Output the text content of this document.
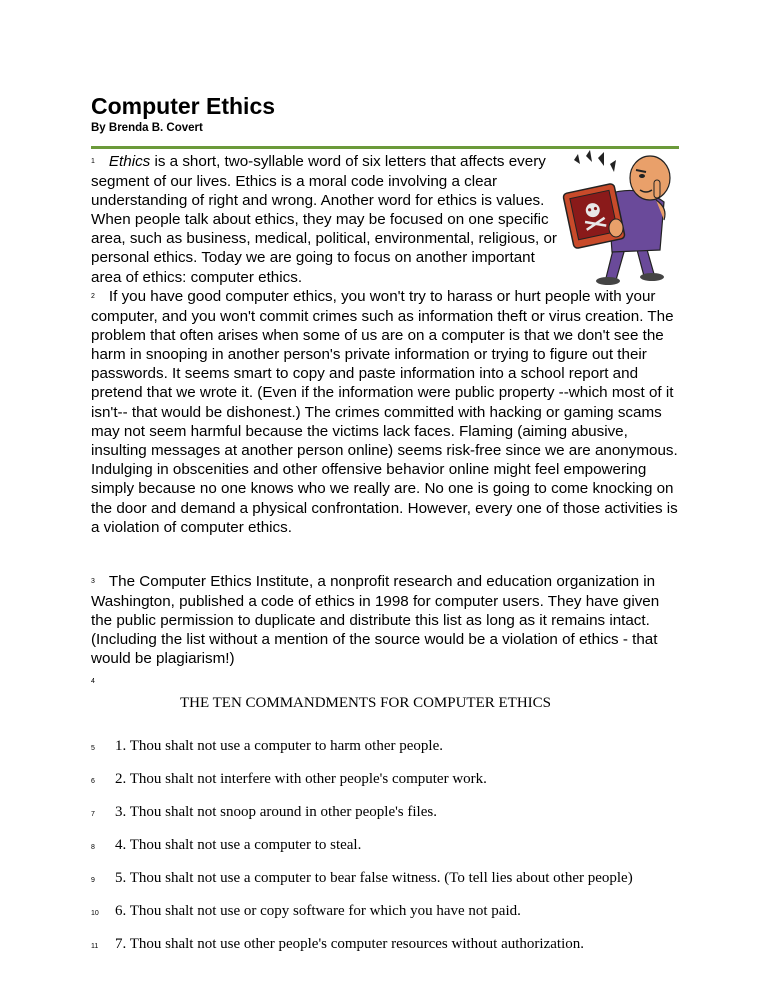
Computer Ethics
By Brenda B. Covert

1 Ethics is a short, two-syllable word of six letters that affects every segment of our lives. Ethics is a moral code involving a clear understanding of right and wrong. Another word for ethics is values. When people talk about ethics, they may be focused on one specific area, such as business, medical, political, environmental, religious, or personal ethics. Today we are going to focus on another important area of ethics: computer ethics.

2 If you have good computer ethics, you won't try to harass or hurt people with your computer, and you won't commit crimes such as information theft or virus creation. The problem that often arises when some of us are on a computer is that we don't see the harm in snooping in another person's private information or trying to figure out their passwords. It seems smart to copy and paste information into a school report and pretend that we wrote it. (Even if the information were public property --which most of it isn't-- that would be dishonest.) The crimes committed with hacking or gaming scams may not seem harmful because the victims lack faces. Flaming (aiming abusive, insulting messages at another person online) seems risk-free since we are anonymous. Indulging in obscenities and other offensive behavior online might feel empowering simply because no one knows who we really are. No one is going to come knocking on the door and demand a physical confrontation. However, every one of those activities is a violation of computer ethics.

3 The Computer Ethics Institute, a nonprofit research and education organization in Washington, published a code of ethics in 1998 for computer users. They have given the public permission to duplicate and distribute this list as long as it remains intact. (Including the list without a mention of the source would be a violation of ethics - that would be plagiarism!)

4
THE TEN COMMANDMENTS FOR COMPUTER ETHICS
5 1. Thou shalt not use a computer to harm other people.
6 2. Thou shalt not interfere with other people's computer work.
7 3. Thou shalt not snoop around in other people's files.
8 4. Thou shalt not use a computer to steal.
9 5. Thou shalt not use a computer to bear false witness. (To tell lies about other people)
10 6. Thou shalt not use or copy software for which you have not paid.
11 7. Thou shalt not use other people's computer resources without authorization.
